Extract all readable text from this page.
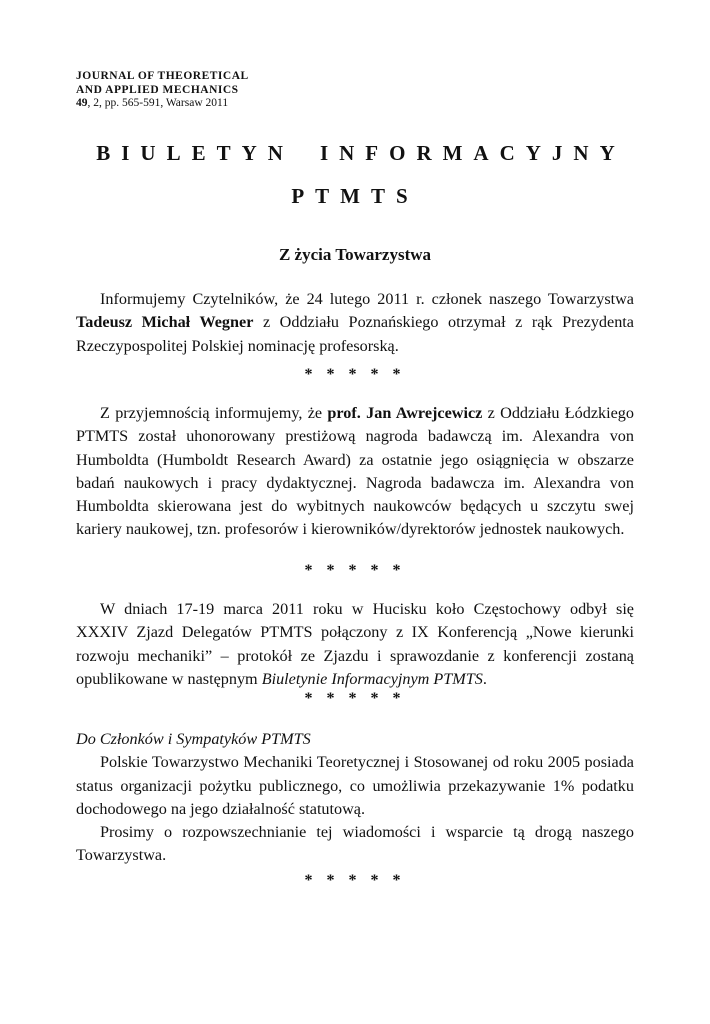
JOURNAL OF THEORETICAL
AND APPLIED MECHANICS
49, 2, pp. 565-591, Warsaw 2011
BIULETYN INFORMACYJNY
PTMTS
Z życia Towarzystwa

Informujemy Czytelników, że 24 lutego 2011 r. członek naszego Towarzystwa Tadeusz Michał Wegner z Oddziału Poznańskiego otrzymał z rąk Prezydenta Rzeczypospolitej Polskiej nominację profesorską.

* * * * *

Z przyjemnością informujemy, że prof. Jan Awrejcewicz z Oddziału Łódzkiego PTMTS został uhonorowany prestiżową nagroda badawczą im. Alexandra von Humboldta (Humboldt Research Award) za ostatnie jego osiągnięcia w obszarze badań naukowych i pracy dydaktycznej. Nagroda badawcza im. Alexandra von Humboldta skierowana jest do wybitnych naukowców będących u szczytu swej kariery naukowej, tzn. profesorów i kierowników/dyrektorów jednostek naukowych.

* * * * *

W dniach 17-19 marca 2011 roku w Hucisku koło Częstochowy odbył się XXXIV Zjazd Delegatów PTMTS połączony z IX Konferencją „Nowe kierunki rozwoju mechaniki” – protokół ze Zjazdu i sprawozdanie z konferencji zostaną opublikowane w następnym Biuletynie Informacyjnym PTMTS.

* * * * *

Do Członków i Sympatyków PTMTS

Polskie Towarzystwo Mechaniki Teoretycznej i Stosowanej od roku 2005 posiada status organizacji pożytku publicznego, co umożliwia przekazywanie 1% podatku dochodowego na jego działalność statutową.

Prosimy o rozpowszechnianie tej wiadomości i wsparcie tą drogą naszego Towarzystwa.

* * * * *
